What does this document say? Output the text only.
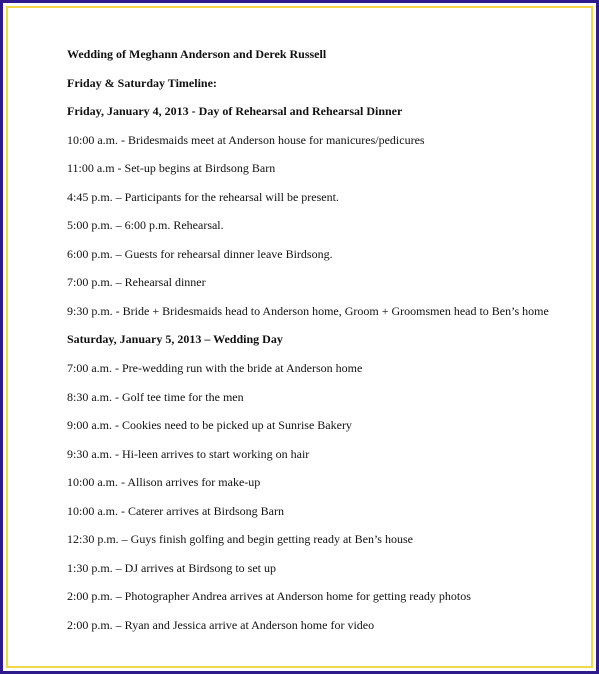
Wedding of Meghann Anderson and Derek Russell
Friday & Saturday Timeline:
Friday, January 4, 2013 - Day of Rehearsal and Rehearsal Dinner
10:00 a.m. - Bridesmaids meet at Anderson house for manicures/pedicures
11:00 a.m - Set-up begins at Birdsong Barn
4:45 p.m. – Participants for the rehearsal will be present.
5:00 p.m. – 6:00 p.m. Rehearsal.
6:00 p.m. – Guests for rehearsal dinner leave Birdsong.
7:00 p.m. – Rehearsal dinner
9:30 p.m. - Bride + Bridesmaids head to Anderson home, Groom + Groomsmen head to Ben’s home
Saturday, January 5, 2013 – Wedding Day
7:00 a.m. - Pre-wedding run with the bride at Anderson home
8:30 a.m. - Golf tee time for the men
9:00 a.m. - Cookies need to be picked up at Sunrise Bakery
9:30 a.m. - Hi-leen arrives to start working on hair
10:00 a.m. - Allison arrives for make-up
10:00 a.m. - Caterer arrives at Birdsong Barn
12:30 p.m. – Guys finish golfing and begin getting ready at Ben’s house
1:30 p.m. – DJ arrives at Birdsong to set up
2:00 p.m. – Photographer Andrea arrives at Anderson home for getting ready photos
2:00 p.m. – Ryan and Jessica arrive at Anderson home for video
